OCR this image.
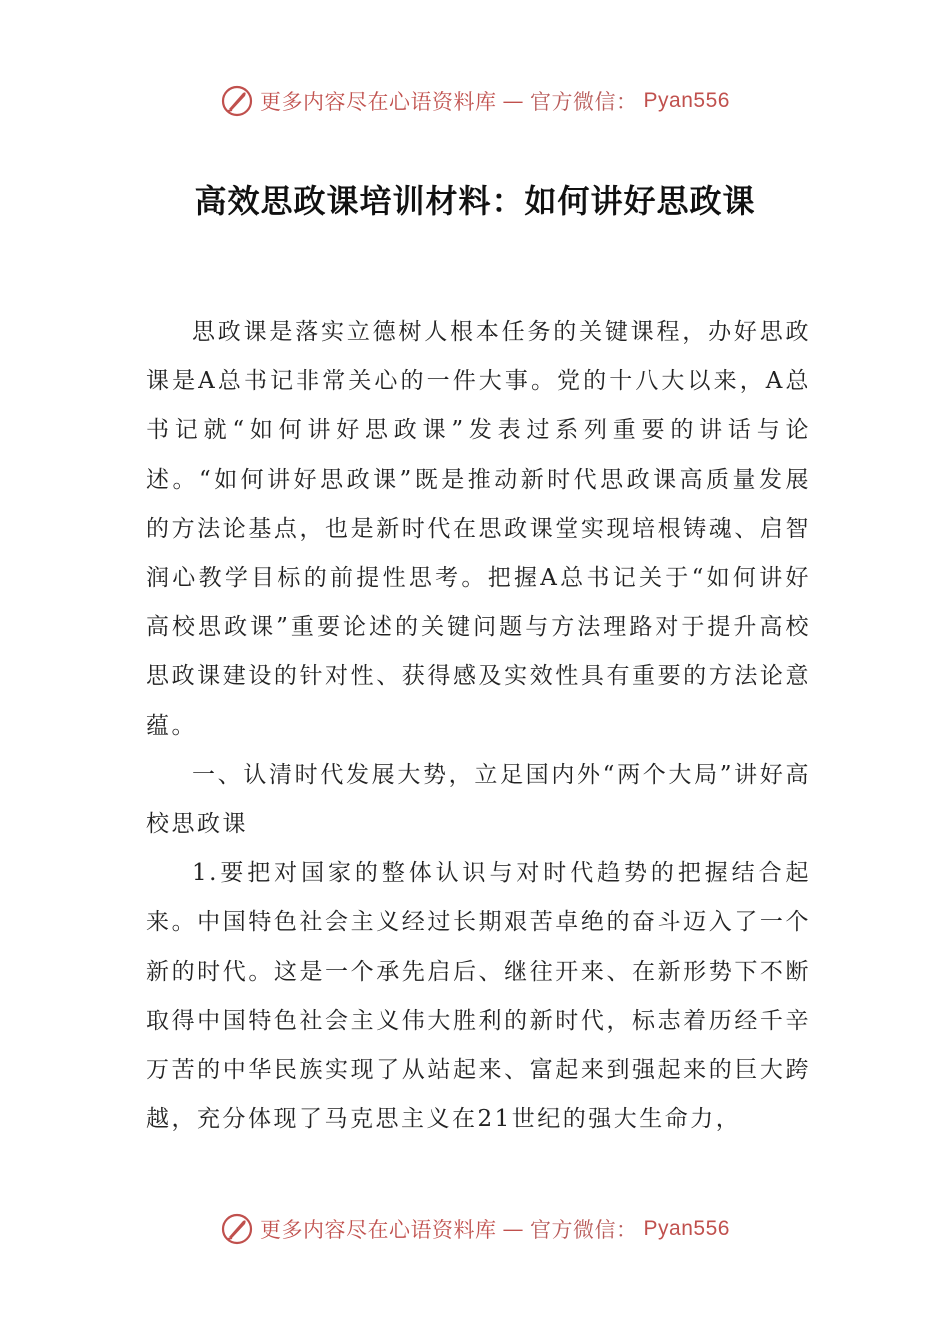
更多内容尽在心语资料库 — 官方微信： Pyan556
高效思政课培训材料：如何讲好思政课

思政课是落实立德树人根本任务的关键课程，办好思政课是A总书记非常关心的一件大事。党的十八大以来，A总书记就“如何讲好思政课”发表过系列重要的讲话与论述。“如何讲好思政课”既是推动新时代思政课高质量发展的方法论基点，也是新时代在思政课堂实现培根铸魂、启智润心教学目标的前提性思考。把握A总书记关于“如何讲好高校思政课”重要论述的关键问题与方法理路对于提升高校思政课建设的针对性、获得感及实效性具有重要的方法论意蕴。

一、认清时代发展大势，立足国内外“两个大局”讲好高校思政课

1.要把对国家的整体认识与对时代趋势的把握结合起来。中国特色社会主义经过长期艰苦卓绝的奋斗迈入了一个新的时代。这是一个承先启后、继往开来、在新形势下不断取得中国特色社会主义伟大胜利的新时代，标志着历经千辛万苦的中华民族实现了从站起来、富起来到强起来的巨大跨越，充分体现了马克思主义在21世纪的强大生命力，

更多内容尽在心语资料库 — 官方微信： Pyan556
